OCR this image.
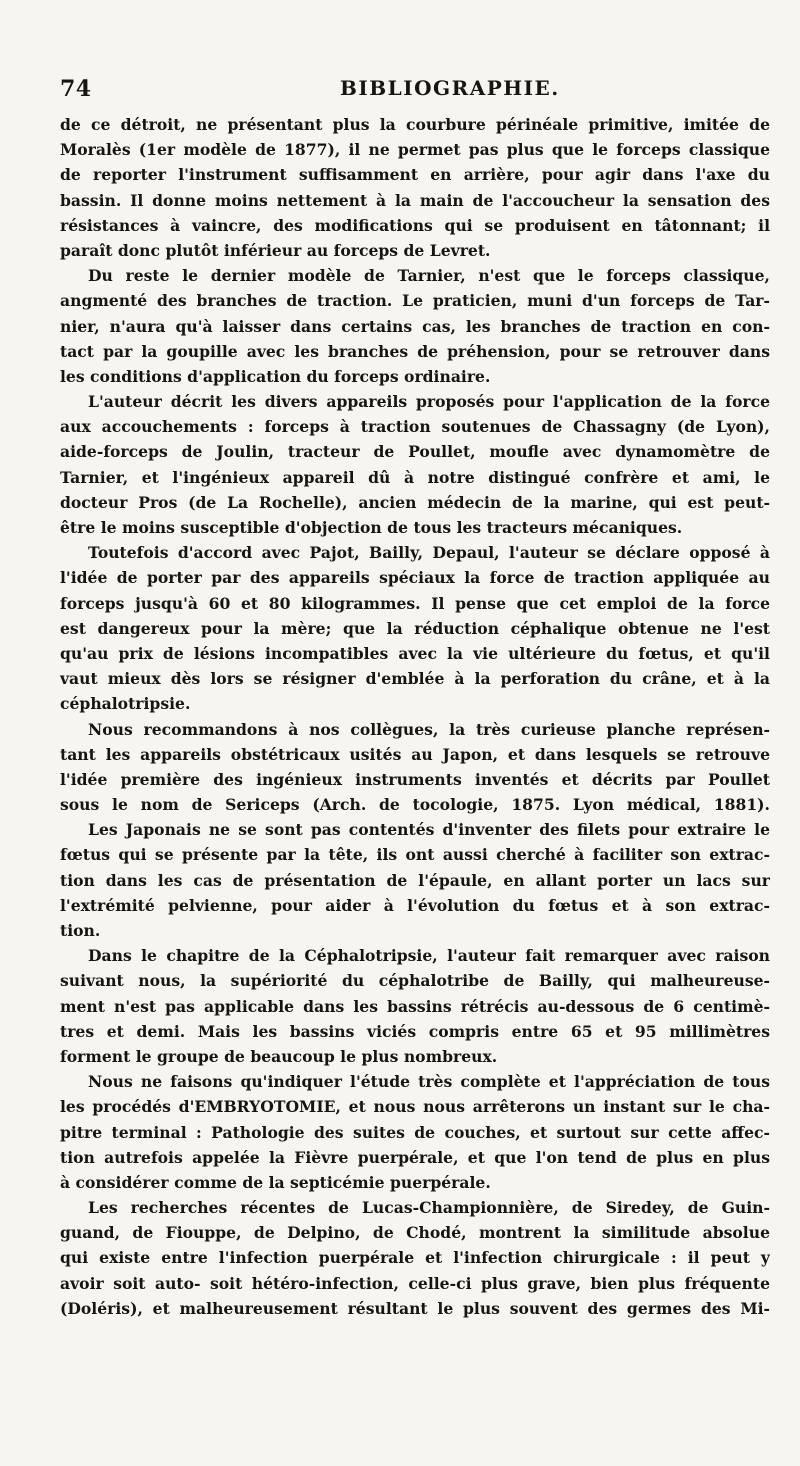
74	BIBLIOGRAPHIE.
de ce détroit, ne présentant plus la courbure périnéale primitive, imitée de
Moralès (1er modèle de 1877), il ne permet pas plus que le forceps classique
de reporter l'instrument suffisamment en arrière, pour agir dans l'axe du
bassin. Il donne moins nettement à la main de l'accoucheur la sensation des
résistances à vaincre, des modifications qui se produisent en tâtonnant; il
paraît donc plutôt inférieur au forceps de Levret.
Du reste le dernier modèle de Tarnier, n'est que le forceps classique,
angmenté des branches de traction. Le praticien, muni d'un forceps de Tar-
nier, n'aura qu'à laisser dans certains cas, les branches de traction en con-
tact par la goupille avec les branches de préhension, pour se retrouver dans
les conditions d'application du forceps ordinaire.
L'auteur décrit les divers appareils proposés pour l'application de la force
aux accouchements : forceps à traction soutenues de Chassagny (de Lyon),
aide-forceps de Joulin, tracteur de Poullet, moufle avec dynamomètre de
Tarnier, et l'ingénieux appareil dû à notre distingué confrère et ami, le
docteur Pros (de La Rochelle), ancien médecin de la marine, qui est peut-
être le moins susceptible d'objection de tous les tracteurs mécaniques.
Toutefois d'accord avec Pajot, Bailly, Depaul, l'auteur se déclare opposé à
l'idée de porter par des appareils spéciaux la force de traction appliquée au
forceps jusqu'à 60 et 80 kilogrammes. Il pense que cet emploi de la force
est dangereux pour la mère; que la réduction céphalique obtenue ne l'est
qu'au prix de lésions incompatibles avec la vie ultérieure du fœtus, et qu'il
vaut mieux dès lors se résigner d'emblée à la perforation du crâne, et à la
céphalotripsie.
Nous recommandons à nos collègues, la très curieuse planche représen-
tant les appareils obstétricaux usités au Japon, et dans lesquels se retrouve
l'idée première des ingénieux instruments inventés et décrits par Poullet
sous le nom de Sericeps (Arch. de tocologie, 1875. Lyon médical, 1881).
Les Japonais ne se sont pas contentés d'inventer des filets pour extraire le
fœtus qui se présente par la tête, ils ont aussi cherché à faciliter son extrac-
tion dans les cas de présentation de l'épaule, en allant porter un lacs sur
l'extrémité pelvienne, pour aider à l'évolution du fœtus et à son extrac-
tion.
Dans le chapitre de la Céphalotripsie, l'auteur fait remarquer avec raison
suivant nous, la supériorité du céphalotribe de Bailly, qui malheureuse-
ment n'est pas applicable dans les bassins rétrécis au-dessous de 6 centimè-
tres et demi. Mais les bassins viciés compris entre 65 et 95 millimètres
forment le groupe de beaucoup le plus nombreux.
Nous ne faisons qu'indiquer l'étude très complète et l'appréciation de tous
les procédés d'EMBRYOTOMIE, et nous nous arrêterons un instant sur le cha-
pitre terminal : Pathologie des suites de couches, et surtout sur cette affec-
tion autrefois appelée la Fièvre puerpérale, et que l'on tend de plus en plus
à considérer comme de la septicémie puerpérale.
Les recherches récentes de Lucas-Championnière, de Siredey, de Guin-
guand, de Fiouppe, de Delpino, de Chodé, montrent la similitude absolue
qui existe entre l'infection puerpérale et l'infection chirurgicale : il peut y
avoir soit auto- soit hétéro-infection, celle-ci plus grave, bien plus fréquente
(Doléris), et malheureusement résultant le plus souvent des germes des Mi-
